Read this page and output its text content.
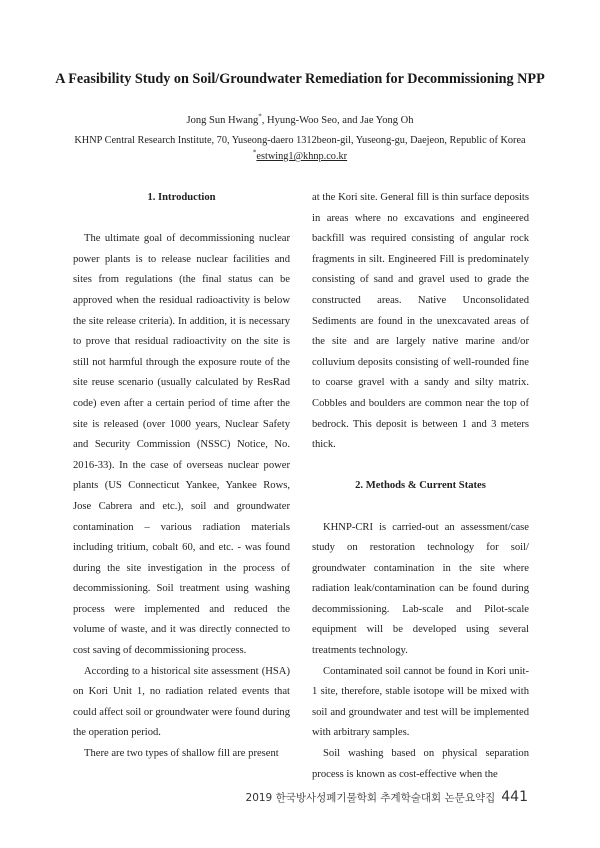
A Feasibility Study on Soil/Groundwater Remediation for Decommissioning NPP
Jong Sun Hwang*, Hyung-Woo Seo, and Jae Yong Oh
KHNP Central Research Institute, 70, Yuseong-daero 1312beon-gil, Yuseong-gu, Daejeon, Republic of Korea
*estwing1@khnp.co.kr
1. Introduction

The ultimate goal of decommissioning nuclear power plants is to release nuclear facilities and sites from regulations (the final status can be approved when the residual radioactivity is below the site release criteria). In addition, it is necessary to prove that residual radioactivity on the site is still not harmful through the exposure route of the site reuse scenario (usually calculated by ResRad code) even after a certain period of time after the site is released (over 1000 years, Nuclear Safety and Security Commission (NSSC) Notice, No. 2016-33). In the case of overseas nuclear power plants (US Connecticut Yankee, Yankee Rows, Jose Cabrera and etc.), soil and groundwater contamination – various radiation materials including tritium, cobalt 60, and etc. - was found during the site investigation in the process of decommissioning. Soil treatment using washing process were implemented and reduced the volume of waste, and it was directly connected to cost saving of decommissioning process.

According to a historical site assessment (HSA) on Kori Unit 1, no radiation related events that could affect soil or groundwater were found during the operation period.

There are two types of shallow fill are present

at the Kori site. General fill is thin surface deposits in areas where no excavations and engineered backfill was required consisting of angular rock fragments in silt. Engineered Fill is predominately consisting of sand and gravel used to grade the constructed areas. Native Unconsolidated Sediments are found in the unexcavated areas of the site and are largely native marine and/or colluvium deposits consisting of well-rounded fine to coarse gravel with a sandy and silty matrix. Cobbles and boulders are common near the top of bedrock. This deposit is between 1 and 3 meters thick.

2. Methods & Current States

KHNP-CRI is carried-out an assessment/case study on restoration technology for soil/ groundwater contamination in the site where radiation leak/contamination can be found during decommissioning. Lab-scale and Pilot-scale equipment will be developed using several treatments technology.

Contaminated soil cannot be found in Kori unit-1 site, therefore, stable isotope will be mixed with soil and groundwater and test will be implemented with arbitrary samples.

Soil washing based on physical separation process is known as cost-effective when the

2019 한국방사성폐기물학회 추계학술대회 논문요약집 441
